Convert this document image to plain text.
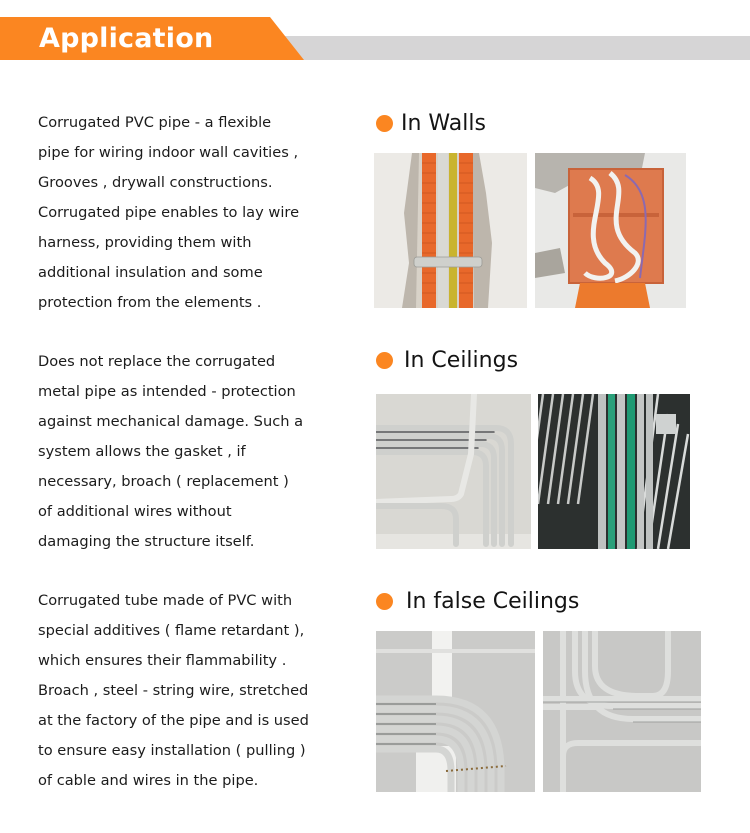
Application
Corrugated PVC pipe - a flexible
pipe for wiring indoor wall cavities ,
Grooves , drywall constructions.
Corrugated pipe enables to lay wire
harness, providing them with
additional insulation and some
protection from the elements .
Does not replace the corrugated
metal pipe as intended - protection
against mechanical damage. Such a
system allows the gasket , if
necessary, broach ( replacement )
of additional wires without
damaging the structure itself.
Corrugated tube made of PVC with
special additives ( flame retardant ),
which ensures their flammability .
Broach , steel - string wire, stretched
at the factory of the pipe and is used
to ensure easy installation ( pulling )
of cable and wires in the pipe.
In Walls
In Ceilings
In false Ceilings
